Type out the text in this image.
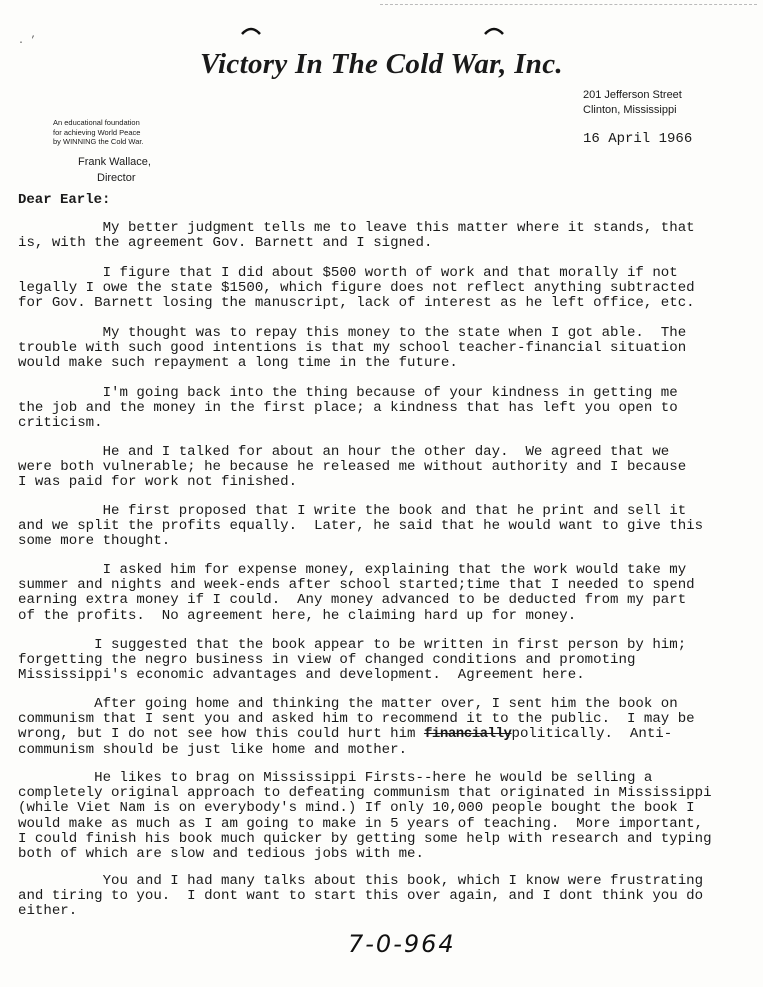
. ’
Victory In The Cold War, Inc.
201 Jefferson Street
Clinton, Mississippi
16 April 1966
An educational foundation
for achieving World Peace
by WINNING the Cold War.
Frank Wallace,
Director
Dear Earle:
My better judgment tells me to leave this matter where it stands, that
is, with the agreement Gov. Barnett and I signed.
I figure that I did about $500 worth of work and that morally if not
legally I owe the state $1500, which figure does not reflect anything subtracted
for Gov. Barnett losing the manuscript, lack of interest as he left office, etc.
My thought was to repay this money to the state when I got able.  The
trouble with such good intentions is that my school teacher-financial situation
would make such repayment a long time in the future.
I'm going back into the thing because of your kindness in getting me
the job and the money in the first place; a kindness that has left you open to
criticism.
He and I talked for about an hour the other day.  We agreed that we
were both vulnerable; he because he released me without authority and I because
I was paid for work not finished.
He first proposed that I write the book and that he print and sell it
and we split the profits equally.  Later, he said that he would want to give this
some more thought.
I asked him for expense money, explaining that the work would take my
summer and nights and week-ends after school started;time that I needed to spend
earning extra money if I could.  Any money advanced to be deducted from my part
of the profits.  No agreement here, he claiming hard up for money.
I suggested that the book appear to be written in first person by him;
forgetting the negro business in view of changed conditions and promoting
Mississippi's economic advantages and development.  Agreement here.
After going home and thinking the matter over, I sent him the book on
communism that I sent you and asked him to recommend it to the public.  I may be
wrong, but I do not see how this could hurt him financiallypolitically.  Anti-
communism should be just like home and mother.
He likes to brag on Mississippi Firsts--here he would be selling a
completely original approach to defeating communism that originated in Mississippi
(while Viet Nam is on everybody's mind.) If only 10,000 people bought the book I
would make as much as I am going to make in 5 years of teaching.  More important,
I could finish his book much quicker by getting some help with research and typing
both of which are slow and tedious jobs with me.
You and I had many talks about this book, which I know were frustrating
and tiring to you.  I dont want to start this over again, and I dont think you do
either.
7-0-964
